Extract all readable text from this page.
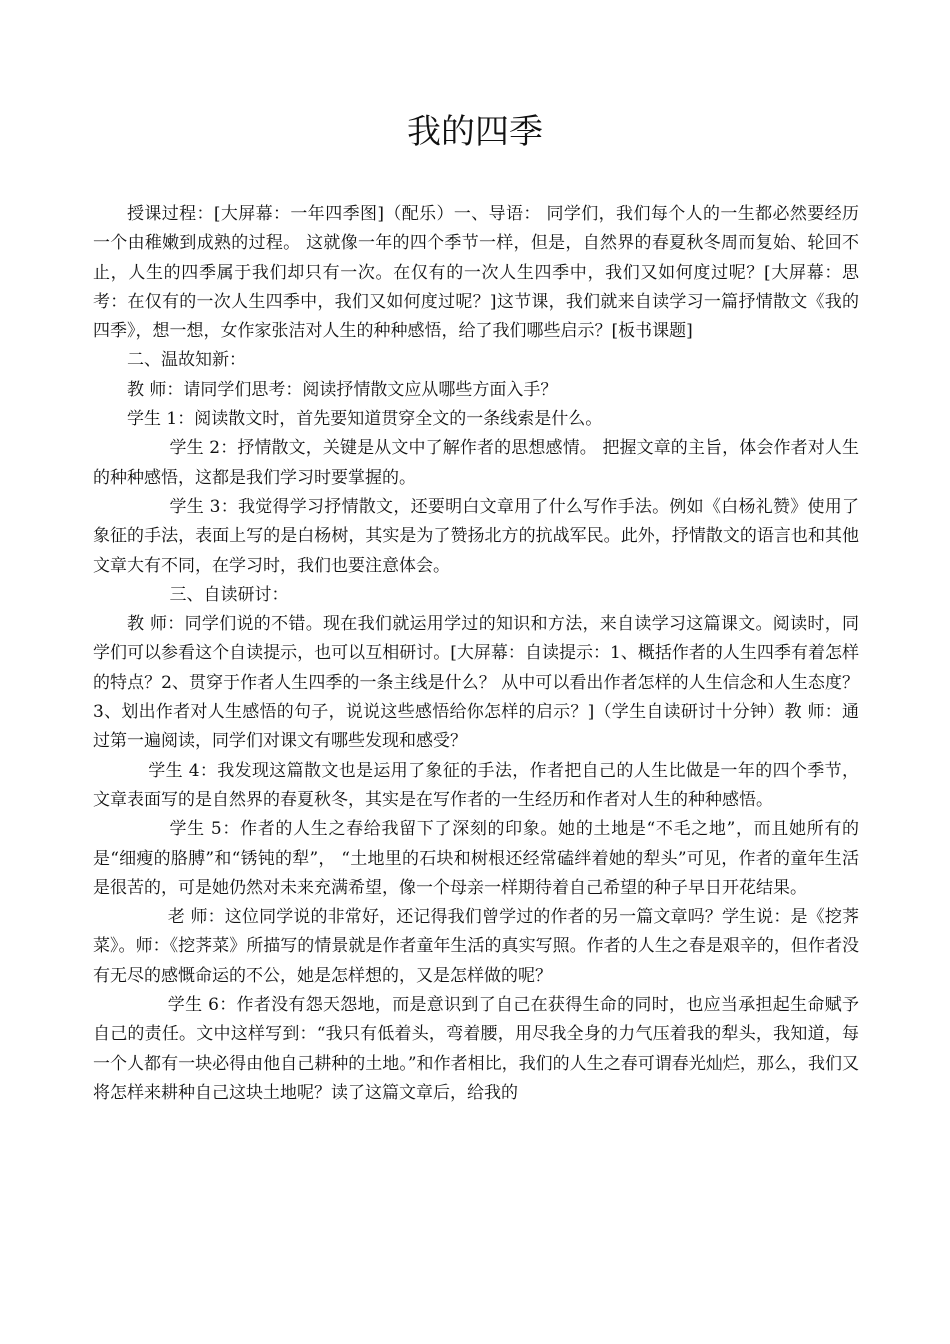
我的四季

授课过程：[大屏幕：一年四季图]（配乐）一、导语： 同学们，我们每个人的一生都必然要经历一个由稚嫩到成熟的过程。 这就像一年的四个季节一样，但是，自然界的春夏秋冬周而复始、轮回不止，人生的四季属于我们却只有一次。在仅有的一次人生四季中，我们又如何度过呢？[大屏幕：思考：在仅有的一次人生四季中，我们又如何度过呢？]这节课，我们就来自读学习一篇抒情散文《我的四季》，想一想，女作家张洁对人生的种种感悟，给了我们哪些启示？[板书课题]

二、温故知新：

教 师：请同学们思考：阅读抒情散文应从哪些方面入手？

学生 1：阅读散文时，首先要知道贯穿全文的一条线索是什么。

学生 2：抒情散文，关键是从文中了解作者的思想感情。 把握文章的主旨，体会作者对人生的种种感悟，这都是我们学习时要掌握的。

学生 3：我觉得学习抒情散文，还要明白文章用了什么写作手法。例如《白杨礼赞》使用了象征的手法，表面上写的是白杨树，其实是为了赞扬北方的抗战军民。此外，抒情散文的语言也和其他文章大有不同，在学习时，我们也要注意体会。

三、自读研讨：

教 师：同学们说的不错。现在我们就运用学过的知识和方法，来自读学习这篇课文。阅读时，同学们可以参看这个自读提示，也可以互相研讨。[大屏幕：自读提示：1、概括作者的人生四季有着怎样的特点？2、贯穿于作者人生四季的一条主线是什么？ 从中可以看出作者怎样的人生信念和人生态度？ 3、划出作者对人生感悟的句子，说说这些感悟给你怎样的启示？]（学生自读研讨十分钟）教 师：通过第一遍阅读，同学们对课文有哪些发现和感受？

学生 4：我发现这篇散文也是运用了象征的手法，作者把自己的人生比做是一年的四个季节，文章表面写的是自然界的春夏秋冬，其实是在写作者的一生经历和作者对人生的种种感悟。

学生 5：作者的人生之春给我留下了深刻的印象。她的土地是“不毛之地”，而且她所有的是“细瘦的胳膊”和“锈钝的犁”， “土地里的石块和树根还经常磕绊着她的犁头”可见，作者的童年生活是很苦的，可是她仍然对未来充满希望，像一个母亲一样期待着自己希望的种子早日开花结果。

老 师：这位同学说的非常好，还记得我们曾学过的作者的另一篇文章吗？学生说：是《挖荠菜》。师：《挖荠菜》所描写的情景就是作者童年生活的真实写照。作者的人生之春是艰辛的，但作者没有无尽的感慨命运的不公，她是怎样想的，又是怎样做的呢？

学生 6：作者没有怨天怨地，而是意识到了自己在获得生命的同时，也应当承担起生命赋予自己的责任。文中这样写到：“我只有低着头，弯着腰，用尽我全身的力气压着我的犁头，我知道，每一个人都有一块必得由他自己耕种的土地。”和作者相比，我们的人生之春可谓春光灿烂，那么，我们又将怎样来耕种自己这块土地呢？读了这篇文章后，给我的
